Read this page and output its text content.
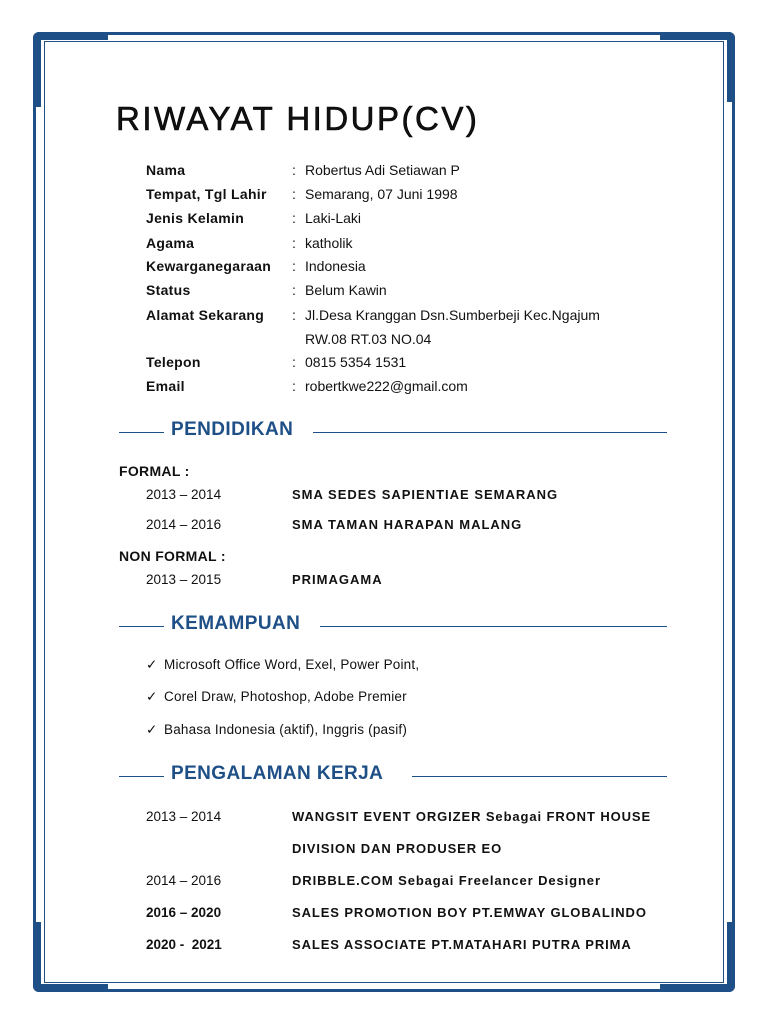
RIWAYAT HIDUP(CV)
Nama	: Robertus Adi Setiawan P
Tempat, Tgl Lahir : Semarang, 07 Juni 1998
Jenis Kelamin	: Laki-Laki
Agama	: katholik
Kewarganegaraan : Indonesia
Status	: Belum Kawin
Alamat Sekarang : Jl.Desa Kranggan Dsn.Sumberbeji Kec.Ngajum
RW.08 RT.03 NO.04
Telepon	: 0815 5354 1531
Email	: robertkwe222@gmail.com
PENDIDIKAN
FORMAL :
2013 – 2014	SMA SEDES SAPIENTIAE SEMARANG
2014 – 2016	SMA TAMAN HARAPAN MALANG
NON FORMAL :
2013 – 2015	PRIMAGAMA
KEMAMPUAN
✓ Microsoft Office Word, Exel, Power Point,
✓ Corel Draw, Photoshop, Adobe Premier
✓ Bahasa Indonesia (aktif), Inggris (pasif)
PENGALAMAN KERJA
2013 – 2014	WANGSIT EVENT ORGIZER Sebagai FRONT HOUSE
DIVISION DAN PRODUSER EO
2014 – 2016	DRIBBLE.COM Sebagai Freelancer Designer
2016 – 2020	SALES PROMOTION BOY PT.EMWAY GLOBALINDO
2020 -  2021	SALES ASSOCIATE PT.MATAHARI PUTRA PRIMA
